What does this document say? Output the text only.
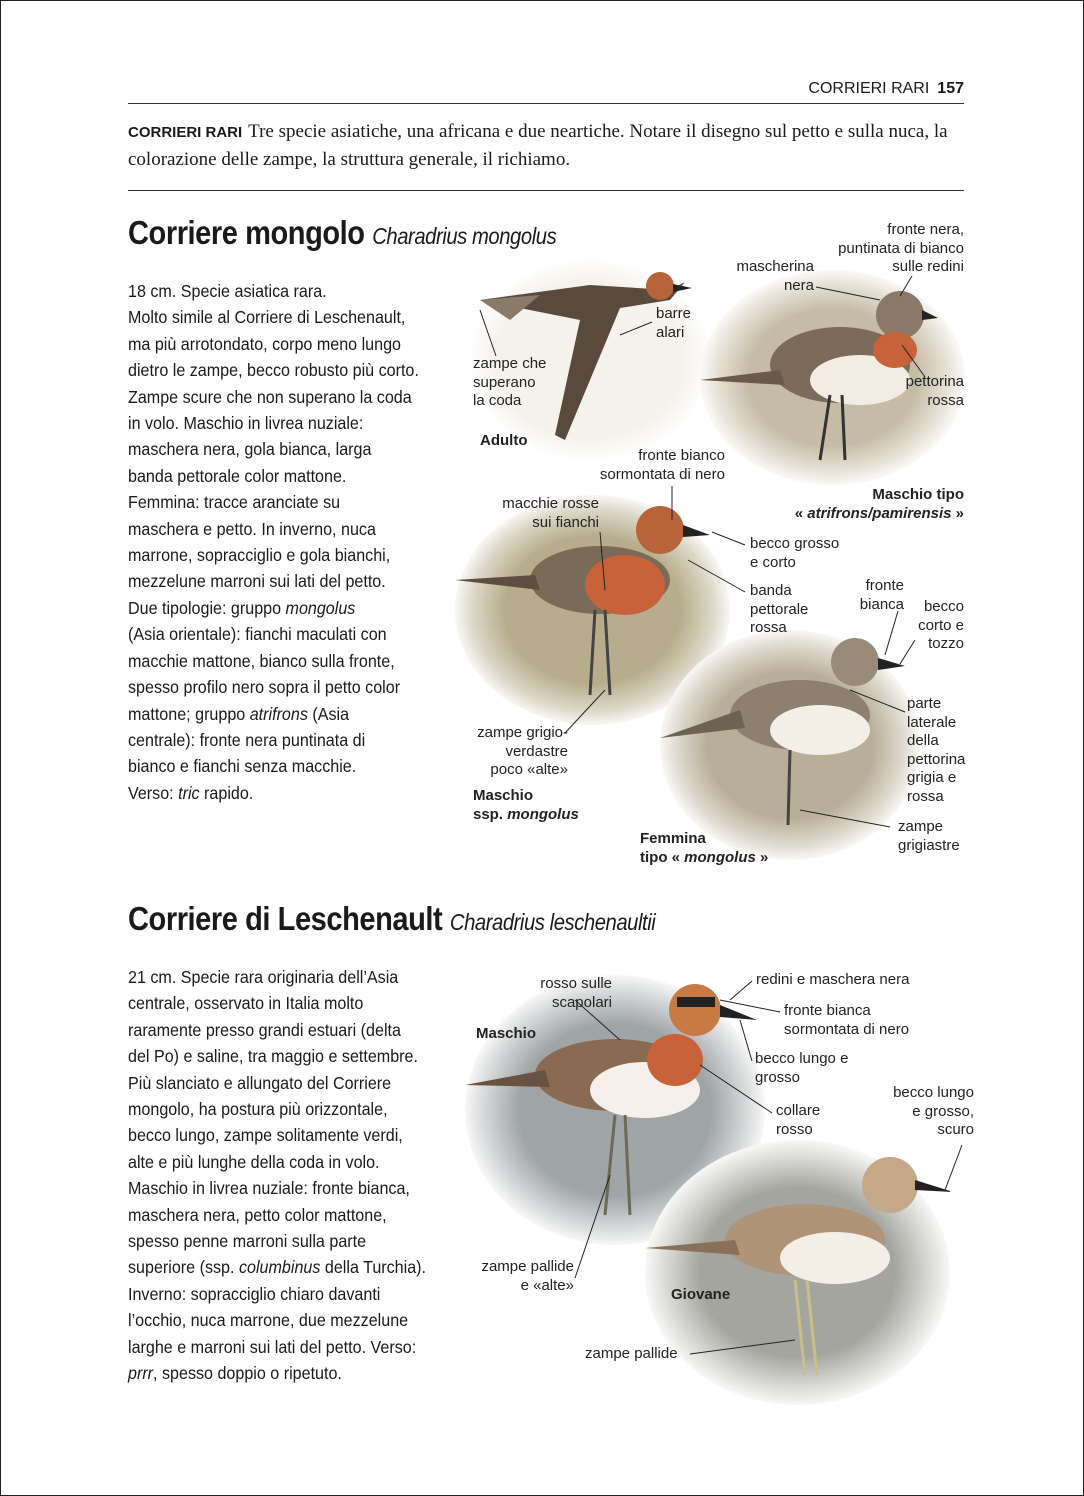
CORRIERI RARI 157
CORRIERI RARI Tre specie asiatiche, una africana e due neartiche. Notare il disegno sul petto e sulla nuca, la colorazione delle zampe, la struttura generale, il richiamo.
Corriere mongolo Charadrius mongolus
18 cm. Specie asiatica rara.
Molto simile al Corriere di Leschenault,
ma più arrotondato, corpo meno lungo
dietro le zampe, becco robusto più corto.
Zampe scure che non superano la coda
in volo. Maschio in livrea nuziale:
maschera nera, gola bianca, larga
banda pettorale color mattone.
Femmina: tracce aranciate su
maschera e petto. In inverno, nuca
marrone, sopracciglio e gola bianchi,
mezzelune marroni sui lati del petto.
Due tipologie: gruppo mongolus
(Asia orientale): fianchi maculati con
macchie mattone, bianco sulla fronte,
spesso profilo nero sopra il petto color
mattone; gruppo atrifrons (Asia
centrale): fronte nera puntinata di
bianco e fianchi senza macchie.
Verso: tric rapido.
zampe che
superano
la coda
barre
alari
Adulto
mascherina
nera
fronte nera,
puntinata di bianco
sulle redini
pettorina
rossa
Maschio tipo
« atrifrons/pamirensis »
fronte bianco
sormontata di nero
macchie rosse
sui fianchi
becco grosso
e corto
banda
pettorale
rossa
fronte
bianca	becco
corto e
tozzo
parte
laterale
della
pettorina
grigia e
rossa
zampe grigio-
verdastre
poco «alte»
Maschio
ssp. mongolus
zampe
grigiastre
Femmina
tipo « mongolus »
Corriere di Leschenault Charadrius leschenaultii
21 cm. Specie rara originaria dell’Asia
centrale, osservato in Italia molto
raramente presso grandi estuari (delta
del Po) e saline, tra maggio e settembre.
Più slanciato e allungato del Corriere
mongolo, ha postura più orizzontale,
becco lungo, zampe solitamente verdi,
alte e più lunghe della coda in volo.
Maschio in livrea nuziale: fronte bianca,
maschera nera, petto color mattone,
spesso penne marroni sulla parte
superiore (ssp. columbinus della Turchia).
Inverno: sopracciglio chiaro davanti
l’occhio, nuca marrone, due mezzelune
larghe e marroni sui lati del petto. Verso:
prrr, spesso doppio o ripetuto.
rosso sulle
scapolari
Maschio
redini e maschera nera
fronte bianca
sormontata di nero
becco lungo e
grosso
collare
rosso
becco lungo
e grosso,
scuro
zampe pallide
e «alte»
Giovane
zampe pallide
